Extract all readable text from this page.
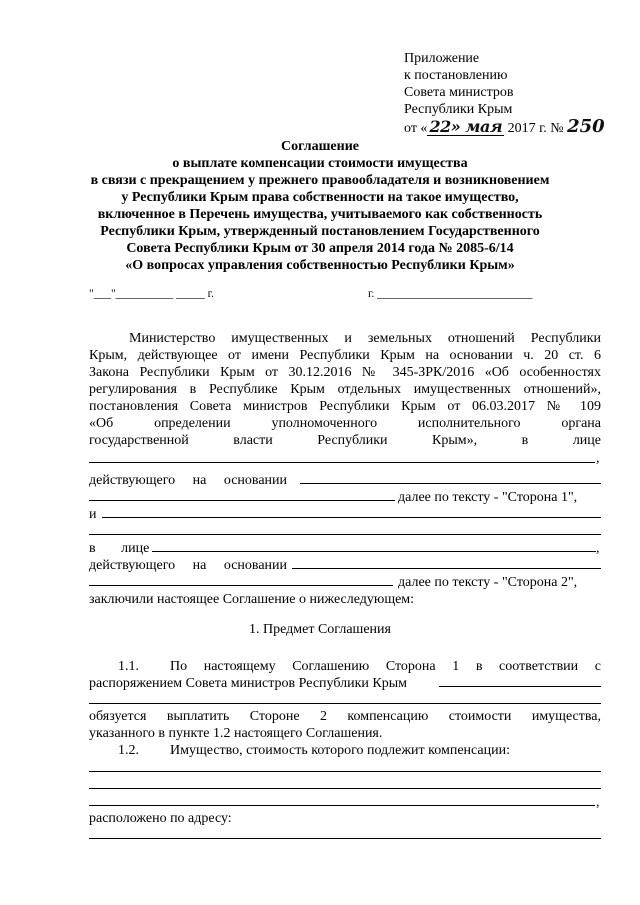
Приложение
к постановлению
Совета министров
Республики Крым
от « 22» мая 2017 г. № 250
Соглашение
о выплате компенсации стоимости имущества
в связи с прекращением у прежнего правообладателя и возникновением
у Республики Крым права собственности на такое имущество,
включенное в Перечень имущества, учитываемого как собственность
Республики Крым, утвержденный постановлением Государственного
Совета Республики Крым от 30 апреля 2014 года № 2085-6/14
«О вопросах управления собственностью Республики Крым»
"___"__________ _____ г.	г. ___________________________
Министерство имущественных и земельных отношений Республики
Крым, действующее от имени Республики Крым на основании ч. 20 ст. 6
Закона Республики Крым от 30.12.2016 № 345-ЗРК/2016 «Об особенностях
регулирования в Республике Крым отдельных имущественных отношений»,
постановления Совета министров Республики Крым от 06.03.2017 № 109
«Об определении уполномоченного исполнительного органа
государственной власти Республики Крым», в лице
,
действующего на основании
далее по тексту - "Сторона 1",
и
в лице	,
действующего на основании
далее по тексту - "Сторона 2",
заключили настоящее Соглашение о нижеследующем:
1. Предмет Соглашения
1.1. По настоящему Соглашению Сторона 1 в соответствии с
распоряжением Совета министров Республики Крым
обязуется выплатить Стороне 2 компенсацию стоимости имущества,
указанного в пункте 1.2 настоящего Соглашения.
1.2. Имущество, стоимость которого подлежит компенсации:
,
расположено по адресу:
